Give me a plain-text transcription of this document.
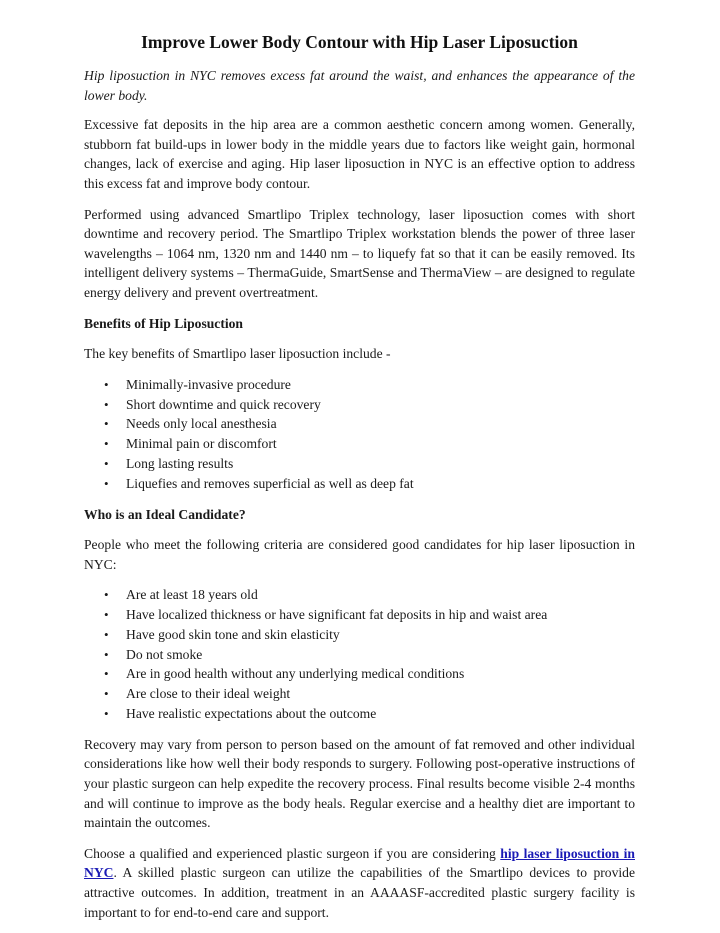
Improve Lower Body Contour with Hip Laser Liposuction

Hip liposuction in NYC removes excess fat around the waist, and enhances the appearance of the lower body.

Excessive fat deposits in the hip area are a common aesthetic concern among women. Generally, stubborn fat build-ups in lower body in the middle years due to factors like weight gain, hormonal changes, lack of exercise and aging. Hip laser liposuction in NYC is an effective option to address this excess fat and improve body contour.

Performed using advanced Smartlipo Triplex technology, laser liposuction comes with short downtime and recovery period. The Smartlipo Triplex workstation blends the power of three laser wavelengths – 1064 nm, 1320 nm and 1440 nm – to liquefy fat so that it can be easily removed. Its intelligent delivery systems – ThermaGuide, SmartSense and ThermaView – are designed to regulate energy delivery and prevent overtreatment.

Benefits of Hip Liposuction

The key benefits of Smartlipo laser liposuction include -

• Minimally-invasive procedure
• Short downtime and quick recovery
• Needs only local anesthesia
• Minimal pain or discomfort
• Long lasting results
• Liquefies and removes superficial as well as deep fat
Who is an Ideal Candidate?

People who meet the following criteria are considered good candidates for hip laser liposuction in NYC:

• Are at least 18 years old
• Have localized thickness or have significant fat deposits in hip and waist area
• Have good skin tone and skin elasticity
• Do not smoke
• Are in good health without any underlying medical conditions
• Are close to their ideal weight
• Have realistic expectations about the outcome

Recovery may vary from person to person based on the amount of fat removed and other individual considerations like how well their body responds to surgery. Following post-operative instructions of your plastic surgeon can help expedite the recovery process. Final results become visible 2-4 months and will continue to improve as the body heals. Regular exercise and a healthy diet are important to maintain the outcomes.

Choose a qualified and experienced plastic surgeon if you are considering hip laser liposuction in NYC. A skilled plastic surgeon can utilize the capabilities of the Smartlipo devices to provide attractive outcomes. In addition, treatment in an AAAASF-accredited plastic surgery facility is important to for end-to-end care and support.
